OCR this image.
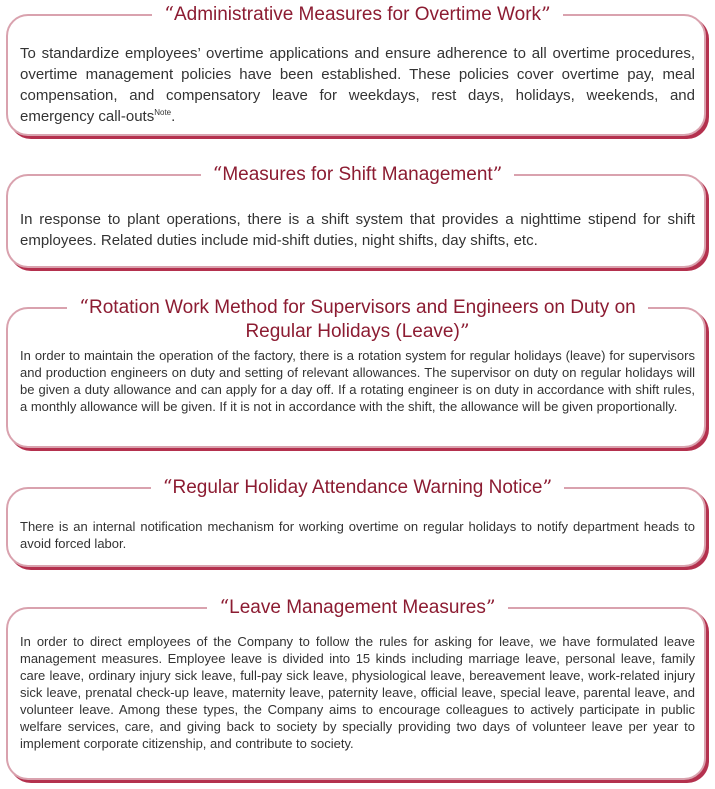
“Administrative Measures for Overtime Work”
To standardize employees’ overtime applications and ensure adherence to all overtime procedures, overtime management policies have been established. These policies cover overtime pay, meal compensation, and compensatory leave for weekdays, rest days, holidays, weekends, and emergency call-outs$^{Note}$.
“Measures for Shift Management”
In response to plant operations, there is a shift system that provides a nighttime stipend for shift employees. Related duties include mid-shift duties, night shifts, day shifts, etc.
“Rotation Work Method for Supervisors and Engineers on Duty on
Regular Holidays (Leave)”
In order to maintain the operation of the factory, there is a rotation system for regular holidays (leave) for supervisors and production engineers on duty and setting of relevant allowances. The supervisor on duty on regular holidays will be given a duty allowance and can apply for a day off. If a rotating engineer is on duty in accordance with shift rules, a monthly allowance will be given. If it is not in accordance with the shift, the allowance will be given proportionally.
“Regular Holiday Attendance Warning Notice”
There is an internal notification mechanism for working overtime on regular holidays to notify department heads to avoid forced labor.
“Leave Management Measures”
In order to direct employees of the Company to follow the rules for asking for leave, we have formulated leave management measures. Employee leave is divided into 15 kinds including marriage leave, personal leave, family care leave, ordinary injury sick leave, full-pay sick leave, physiological leave, bereavement leave, work-related injury sick leave, prenatal check-up leave, maternity leave, paternity leave, official leave, special leave, parental leave, and volunteer leave. Among these types, the Company aims to encourage colleagues to actively participate in public welfare services, care, and giving back to society by specially providing two days of volunteer leave per year to implement corporate citizenship, and contribute to society.
